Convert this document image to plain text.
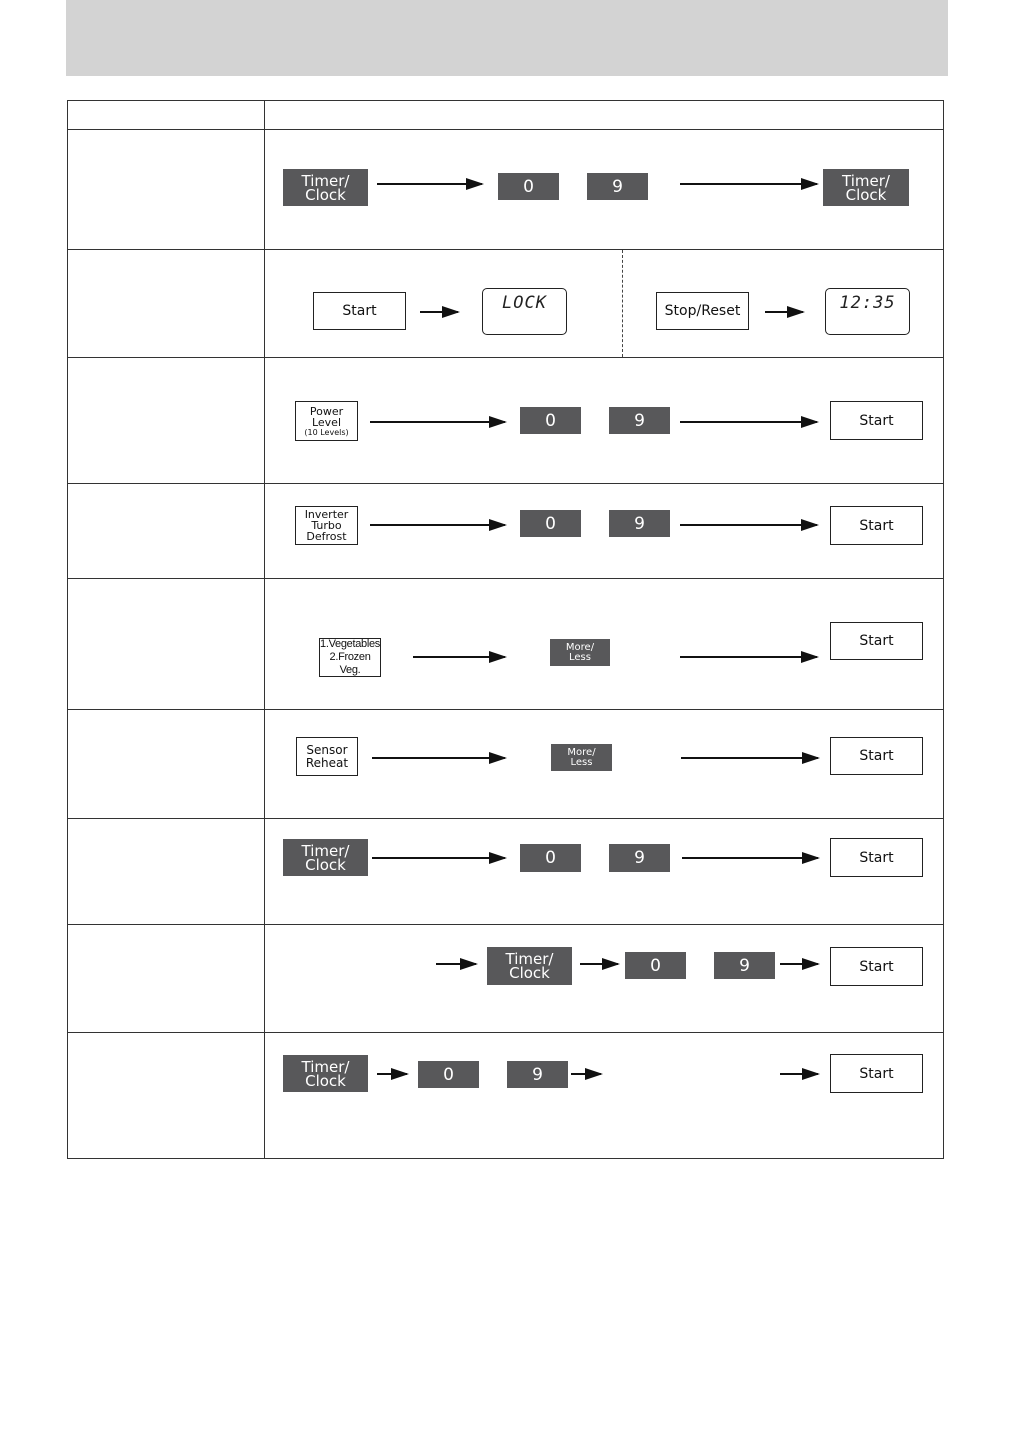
Timer/
Clock	0	9	Timer/
Clock
Start	LOCK	Stop/Reset	12:35
Power
Level
(10 Levels)
0	9	Start
Inverter
Turbo
Defrost
0	9	Start
1.Vegetables
2.Frozen Veg.
More/
Less
Start
Sensor
Reheat
More/
Less	Start
Timer/
Clock	0	9	Start
Timer/
Clock	0	9	Start
Timer/
Clock	0	9	Start
